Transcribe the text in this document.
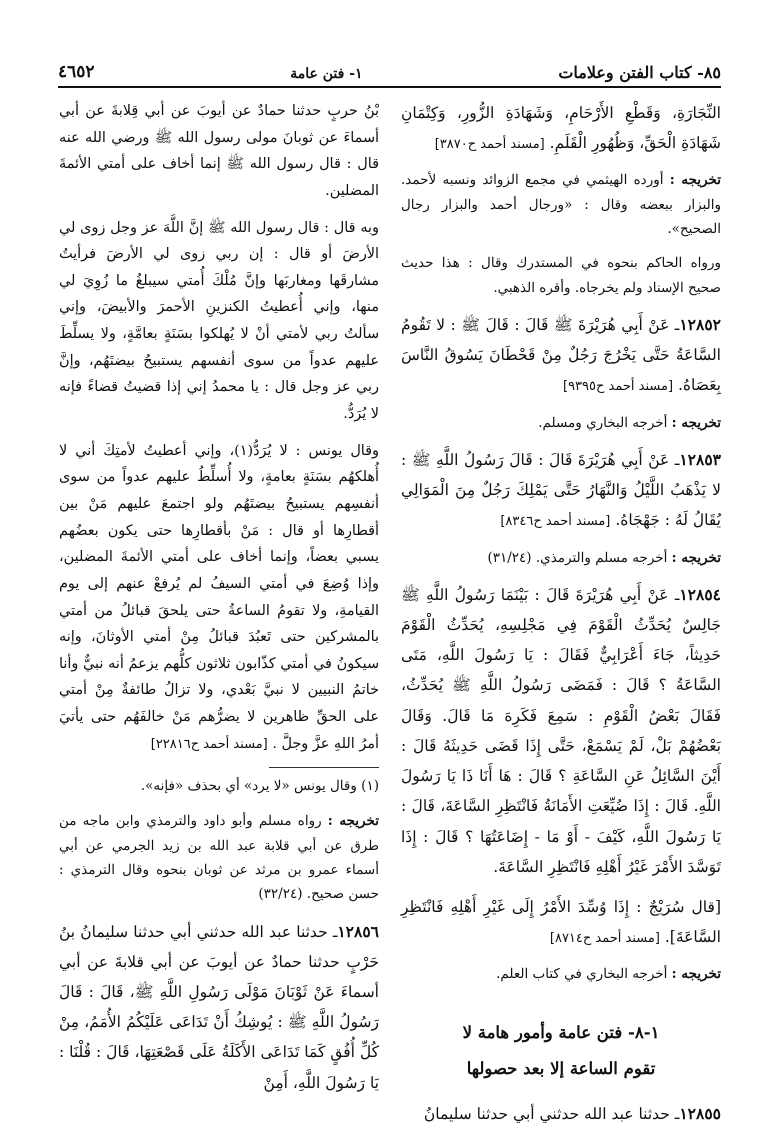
٨٥- كتاب الفتن وعلامات
١- فتن عامة
٤٦٥٢

النِّجَارَةِ، وَقَطْعِ الأَرْحَامِ، وَشَهَادَةِ الزُّورِ، وَكِتْمَانِ شَهَادَةِ الْحَقِّ، وَظُهُورِ الْقَلَمِ. [مسند أحمد ح٣٨٧٠]

تخريجه : أورده الهيثمي في مجمع الزوائد ونسبه لأحمد. والبزار ببعضه وقال : «ورجال أحمد والبزار رجال الصحيح».

ورواه الحاكم بنحوه في المستدرك وقال : هذا حديث صحيح الإسناد ولم يخرجاه. وأقره الذهبي.

١٢٨٥٢ـ عَنْ أَبِي هُرَيْرَةَ ﷺ قَالَ : قَالَ ﷺ : لا تَقُومُ السَّاعَةُ حَتَّى يَخْرُجَ رَجُلٌ مِنْ قَحْطَانَ يَسُوقُ النَّاسَ بِعَصَاهُ. [مسند أحمد ح٩٣٩٥]

تخريجه : أخرجه البخاري ومسلم.

١٢٨٥٣ـ عَنْ أَبِي هُرَيْرَةَ قَالَ : قَالَ رَسُولُ اللَّهِ ﷺ : لا يَذْهَبُ اللَّيْلُ وَالنَّهَارُ حَتَّى يَمْلِكَ رَجُلٌ مِنَ الْمَوَالِي يُقَالُ لَهُ : جَهْجَاهُ. [مسند أحمد ح٨٣٤٦]

تخريجه : أخرجه مسلم والترمذي. (٣١/٢٤)

١٢٨٥٤ـ عَنْ أَبِي هُرَيْرَةَ قَالَ : بَيْنَمَا رَسُولُ اللَّهِ ﷺ جَالِسٌ يُحَدِّثُ الْقَوْمَ فِي مَجْلِسِهِ، يُحَدِّثُ الْقَوْمَ حَدِيثاً، جَاءَ أَعْرَابِيٌّ فَقَالَ : يَا رَسُولَ اللَّهِ، مَتَى السَّاعَةُ ؟ قَالَ : فَمَضَى رَسُولُ اللَّهِ ﷺ يُحَدِّثُ، فَقَالَ بَعْضُ الْقَوْمِ : سَمِعَ فَكَرِهَ مَا قَالَ. وَقَالَ بَعْضُهُمْ بَلْ، لَمْ يَسْمَعْ، حَتَّى إِذَا قَضَى حَدِيثَهُ قَالَ : أَيْنَ السَّائِلُ عَنِ السَّاعَةِ ؟ قَالَ : هَا أَنَا ذَا يَا رَسُولَ اللَّهِ. قَالَ : إِذَا ضُيِّعَتِ الأَمَانَةُ فَانْتَظِرِ السَّاعَةَ، قَالَ : يَا رَسُولَ اللَّهِ، كَيْفَ - أَوْ مَا - إِضَاعَتُهَا ؟ قَالَ : إِذَا تَوَسَّدَ الأَمْرَ غَيْرُ أَهْلِهِ فَانْتَظِرِ السَّاعَةَ.

[قال سُرَيْجٌ : إِذَا وُسِّدَ الأَمْرُ إِلَى غَيْرِ أَهْلِهِ فَانْتَظِرِ السَّاعَةَ]. [مسند أحمد ح٨٧١٤]

تخريجه : أخرجه البخاري في كتاب العلم.

١-٨- فتن عامة وأمور هامة لا
تقوم الساعة إلا بعد حصولها

١٢٨٥٥ـ حدثنا عبد الله حدثني أبي حدثنا سليمانُ

بْنُ حربٍ حدثنا حمادٌ عن أيوبَ عن أبي قِلابةَ عن أبي أسماءَ عن ثوبانَ مولى رسول الله ﷺ ورضي الله عنه قال : قال رسول الله ﷺ إنما أخاف على أمتي الأئمةَ المضلين.

وبه قال : قال رسول الله ﷺ إنَّ اللَّهَ عز وجل زوى لي الأرضَ أو قال : إن ربي زوى لي الأرضَ فرأيتُ مشارقَها ومغاربَها وإنَّ مُلْكَ أُمتي سيبلغُ ما زُوِيَ لي منها، وإني أُعطيتُ الكنزينِ الأحمرَ والأبيضَ، وإني سألتُ ربي لأمتي أنْ لا يُهلكوا بسَنَةٍ بعامَّةٍ، ولا يسلِّطَ عليهم عدواً من سوى أنفسهم يستبيحُ بيضتَهُم، وإنَّ ربي عز وجل قال : يا محمدُ إني إذا قضيتُ قضاءً فإنه لا يُرَدُّ.

وقال يونس : لا يُرَدُّ(١)، وإني أعطيتُ لأمتِكَ أني لا أُهلكهُم بسَنَةٍ بعامةٍ، ولا أُسلِّطُ عليهم عدواً من سوى أنفسِهم يستبيحُ بيضتَهُم ولو اجتمعَ عليهم مَنْ بين أقطارِها أو قال : مَنْ بأقطارِها حتى يكون بعضُهم يسبي بعضاً، وإنما أخاف على أمتي الأئمةَ المضلين، وإذا وُضِعَ في أمتي السيفُ لم يُرفعْ عنهم إلى يوم القيامةِ، ولا تقومُ الساعةُ حتى يلحقَ قبائلُ من أمتي بالمشركين حتى تَعبُدَ قبائلُ مِنْ أمتي الأوثانَ، وإنه سيكونُ في أمتي كذّابون ثلاثون كلُّهم يزعمُ أنه نبيٌّ وأنا خاتمُ النبيين لا نبيَّ بَعْدي، ولا تزالُ طائفةٌ مِنْ أمتي على الحقِّ ظاهرين لا يضرُّهم مَنْ خالفَهُم حتى يأتيَ أمرُ اللهِ عزَّ وجلَّ . [مسند أحمد ح٢٢٨١٦]

(١) وقال يونس «لا يرد» أي بحذف «فإنه».

تخريجه : رواه مسلم وأبو داود والترمذي وابن ماجه من طرق عن أبي قلابة عبد الله بن زيد الجرمي عن أبي أسماء عمرو بن مرثد عن ثوبان بنحوه وقال الترمذي : حسن صحيح. (٣٢/٢٤)

١٢٨٥٦ـ حدثنا عبد الله حدثني أبي حدثنا سليمانُ بنُ حَرْبٍ حدثنا حمادٌ عن أيوبَ عن أبي قلابةَ عن أبي أسماءَ عَنْ ثَوْبَانَ مَوْلَى رَسُولِ اللَّهِ ﷺ، قَالَ : قَالَ رَسُولُ اللَّهِ ﷺ : يُوشِكُ أَنْ تَدَاعَى عَلَيْكُمُ الأُمَمُ، مِنْ كُلِّ أُفُقٍ كَمَا تَدَاعَى الأَكَلَةُ عَلَى قَصْعَتِهَا، قَالَ : قُلْنَا : يَا رَسُولَ اللَّهِ، أَمِنْ
